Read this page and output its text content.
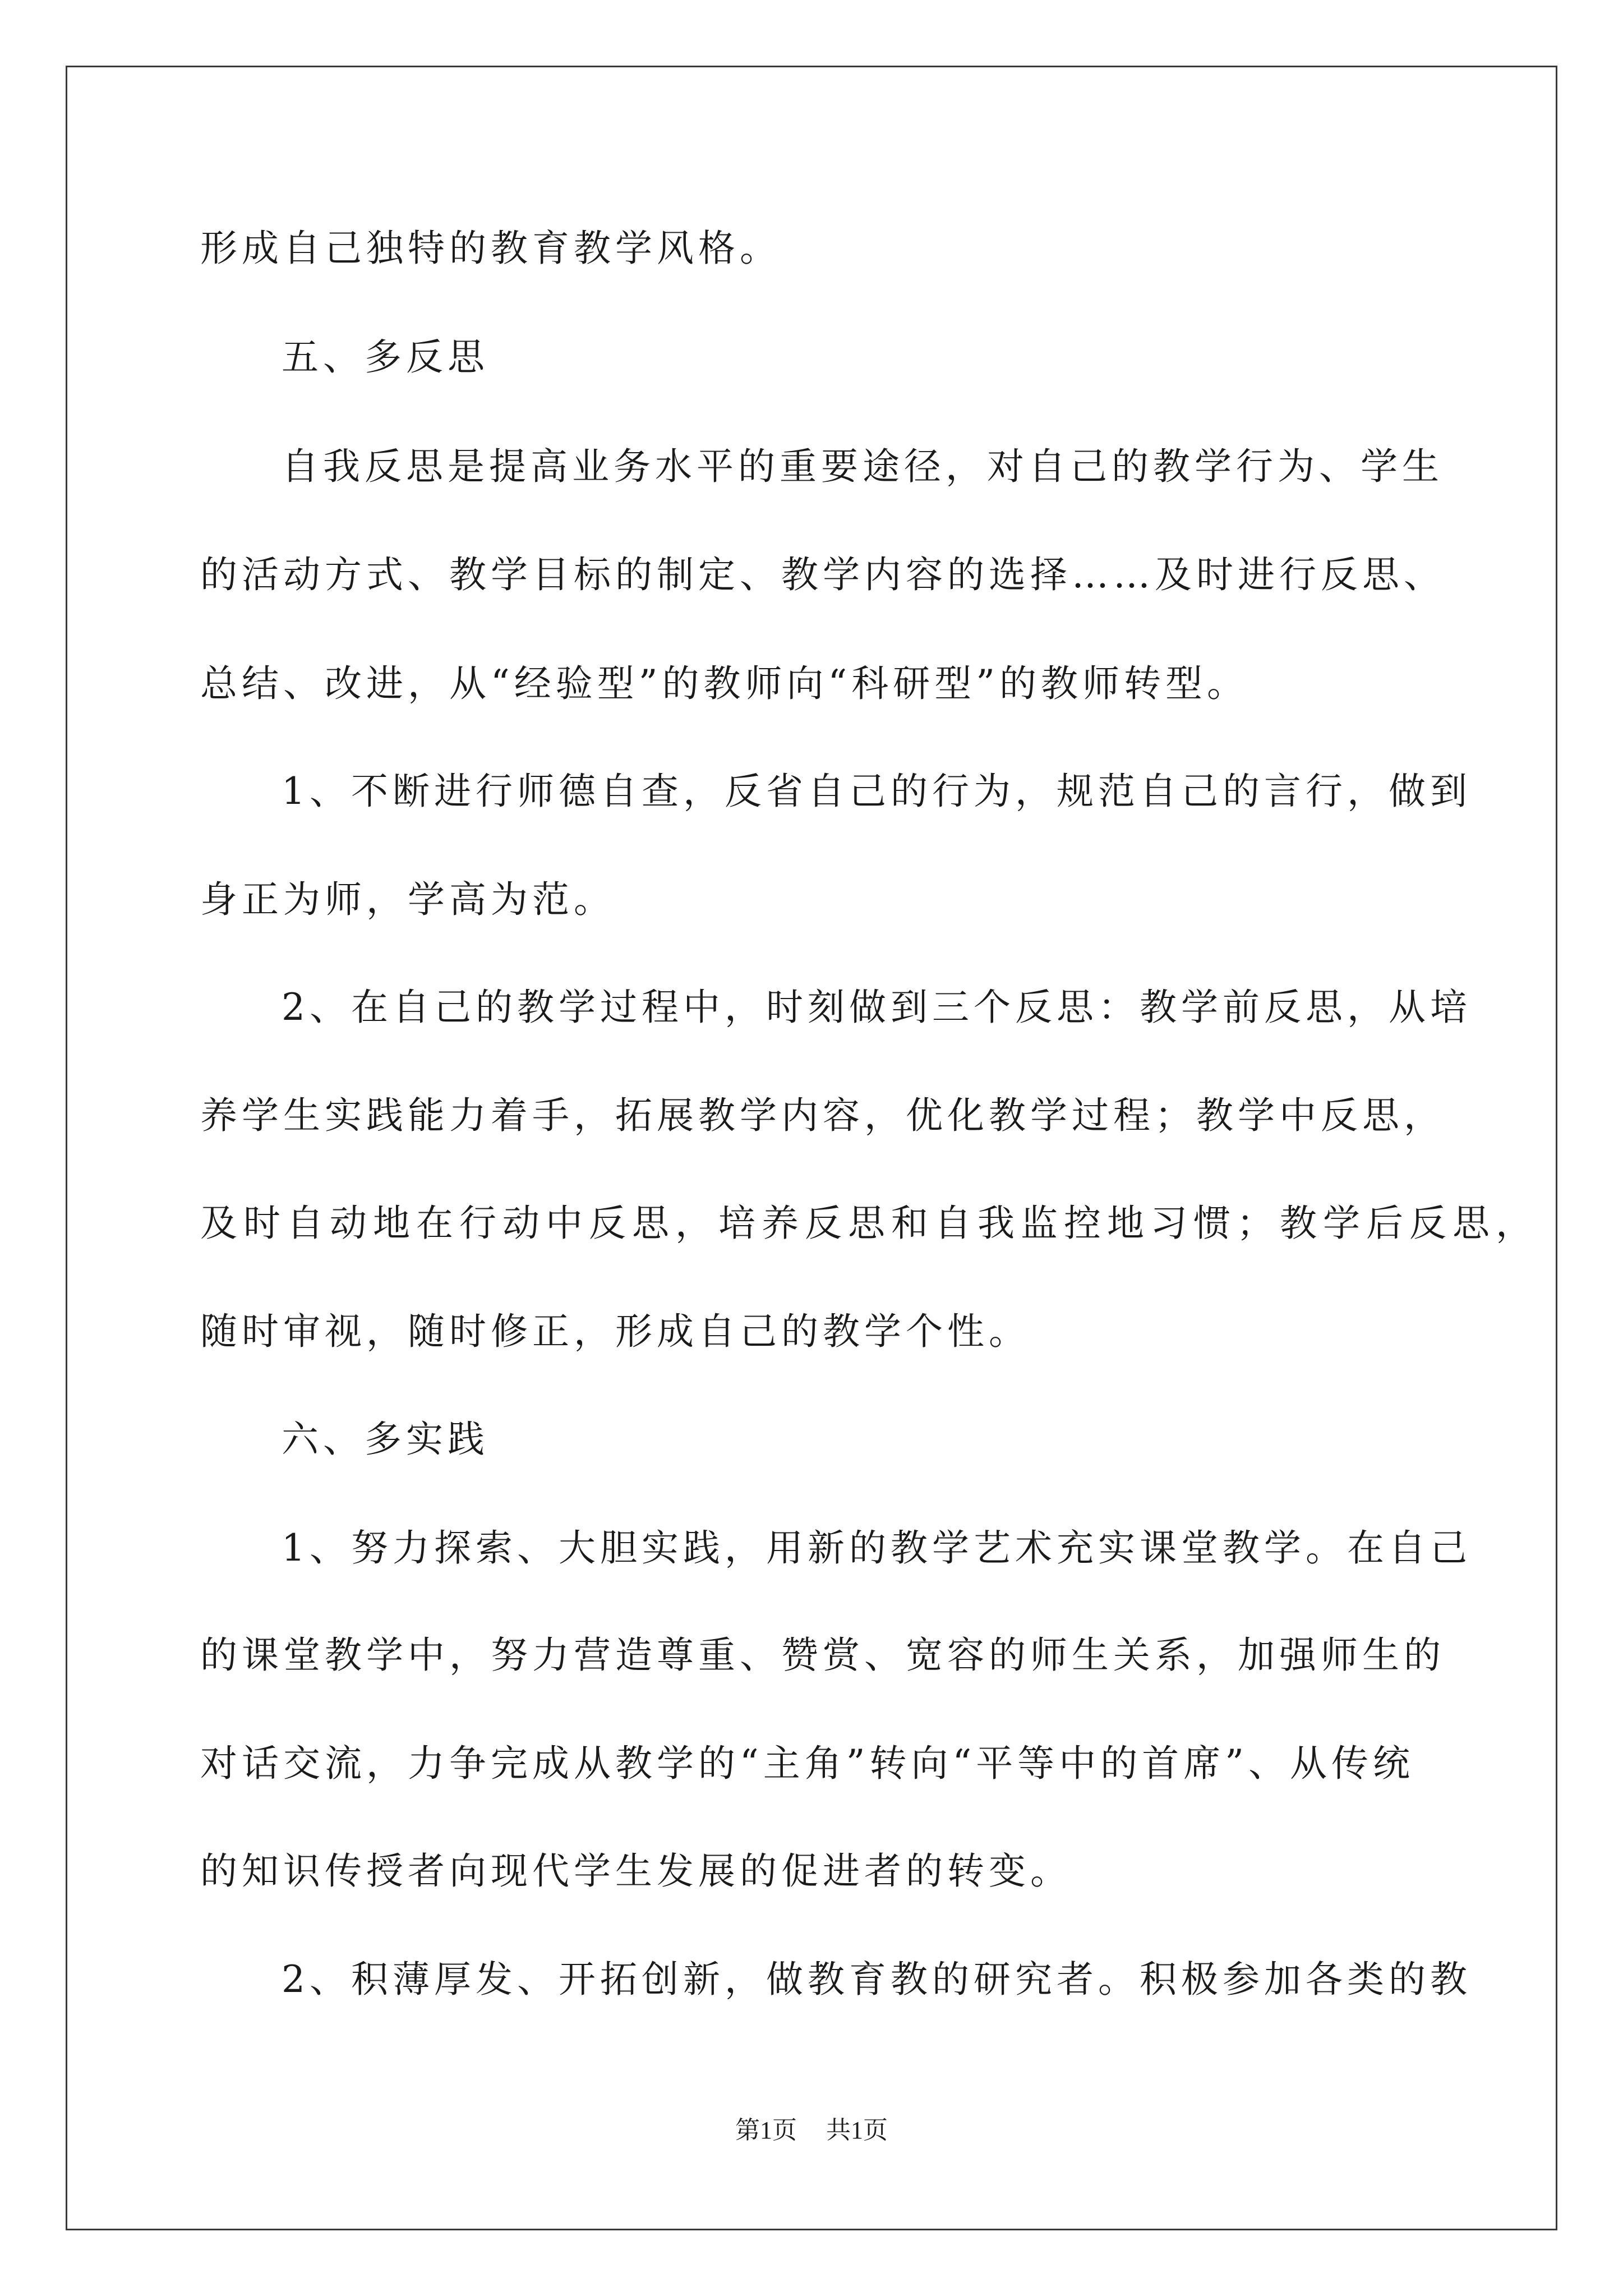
形成自己独特的教育教学风格。
五、多反思
自我反思是提高业务水平的重要途径，对自己的教学行为、学生
的活动方式、教学目标的制定、教学内容的选择……及时进行反思、
总结、改进，从“经验型”的教师向“科研型”的教师转型。
1、不断进行师德自查，反省自己的行为，规范自己的言行，做到
身正为师，学高为范。
2、在自己的教学过程中，时刻做到三个反思：教学前反思，从培
养学生实践能力着手，拓展教学内容，优化教学过程；教学中反思，
及时自动地在行动中反思，培养反思和自我监控地习惯；教学后反思，
随时审视，随时修正，形成自己的教学个性。
六、多实践
1、努力探索、大胆实践，用新的教学艺术充实课堂教学。在自己
的课堂教学中，努力营造尊重、赞赏、宽容的师生关系，加强师生的
对话交流，力争完成从教学的“主角”转向“平等中的首席”、从传统
的知识传授者向现代学生发展的促进者的转变。
2、积薄厚发、开拓创新，做教育教的研究者。积极参加各类的教
第1页 共1页
